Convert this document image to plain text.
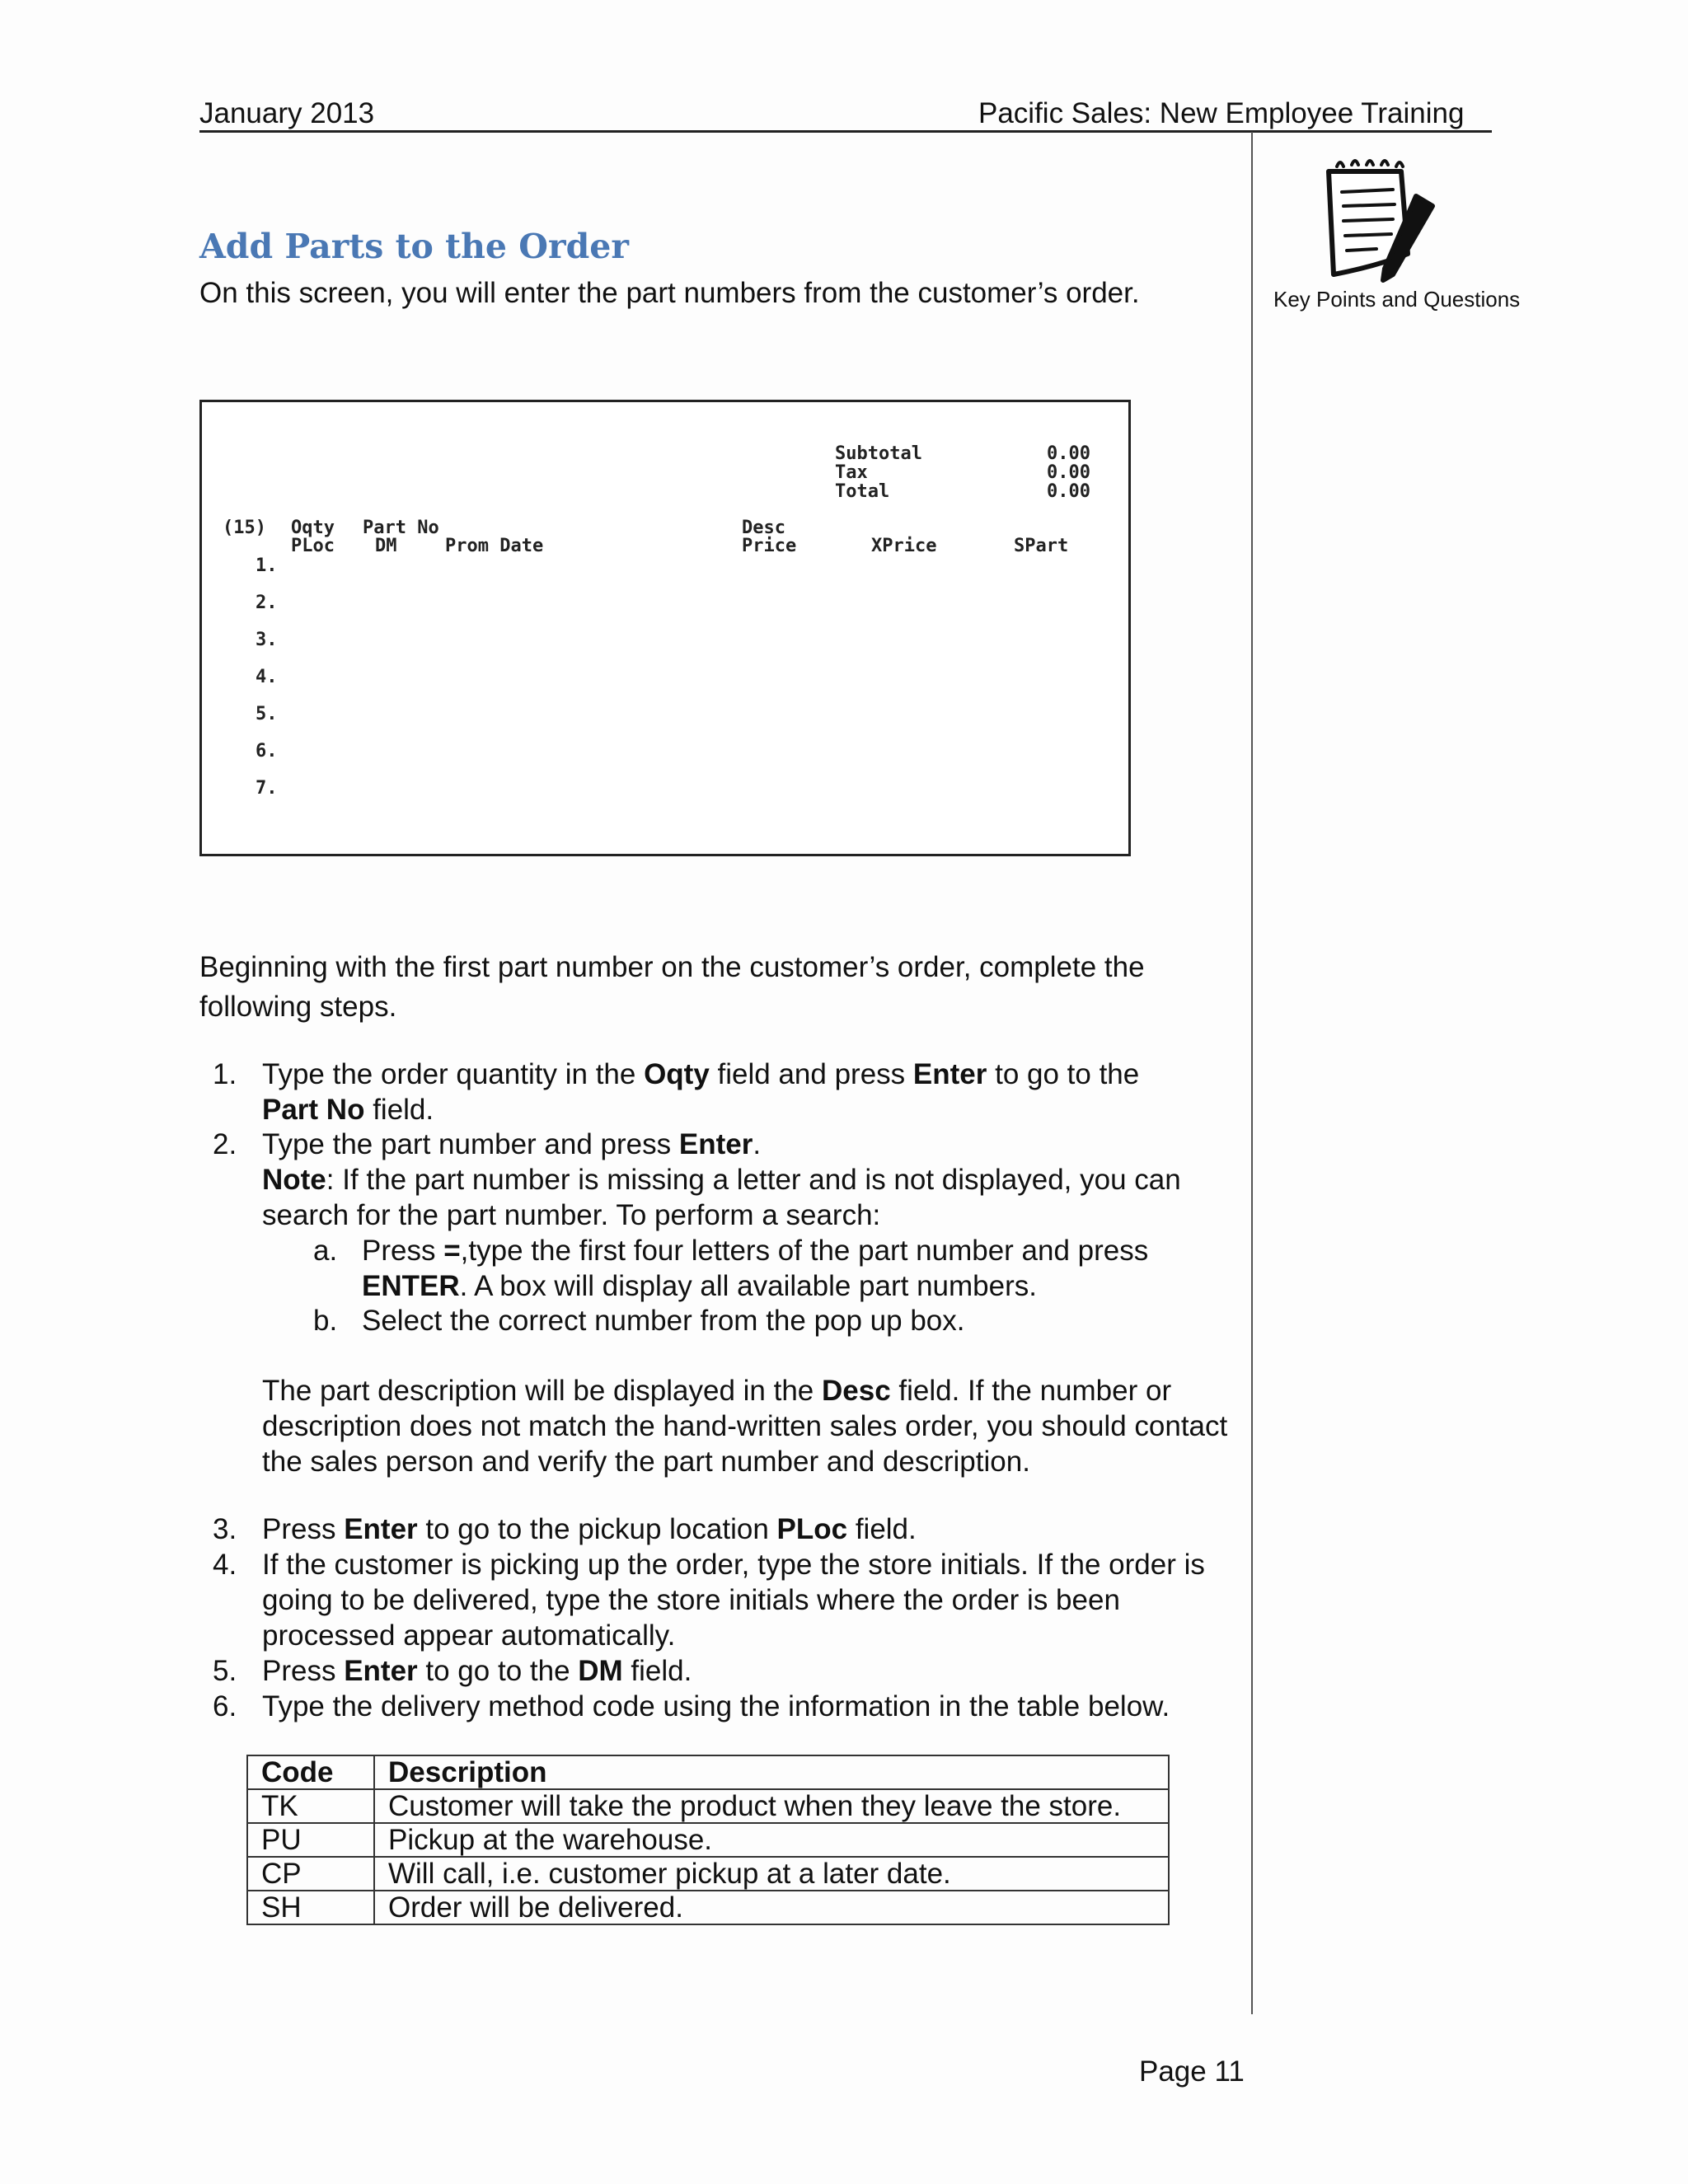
January 2013	Pacific Sales: New Employee Training
Key Points and Questions
Add Parts to the Order
On this screen, you will enter the part numbers from the customer’s order.
Subtotal	0.00
Tax	0.00
Total	0.00
(15) Oqty Part No	Desc
PLoc DM	Prom Date	Price	XPrice	SPart
1.
2.
3.
4.
5.
6.
7.
Beginning with the first part number on the customer’s order, complete the following steps.
1. Type the order quantity in the Oqty field and press Enter to go to the
Part No field.
2. Type the part number and press Enter.
Note: If the part number is missing a letter and is not displayed, you can search for the part number. To perform a search:
a. Press =,type the first four letters of the part number and press
ENTER. A box will display all available part numbers.
b. Select the correct number from the pop up box.
The part description will be displayed in the Desc field. If the number or description does not match the hand-written sales order, you should contact the sales person and verify the part number and description.
3. Press Enter to go to the pickup location PLoc field.
4. If the customer is picking up the order, type the store initials. If the order is going to be delivered, type the store initials where the order is been processed appear automatically.
5. Press Enter to go to the DM field.
6. Type the delivery method code using the information in the table below.
Code	Description
TK	Customer will take the product when they leave the store.
PU	Pickup at the warehouse.
CP	Will call, i.e. customer pickup at a later date.
SH	Order will be delivered.
Page 11
